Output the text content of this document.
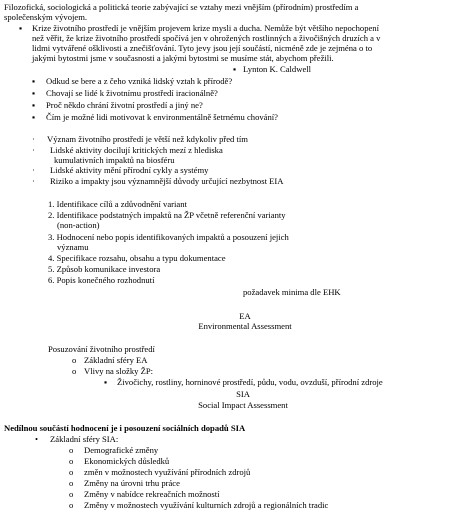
Filozofická, sociologická a politická teorie zabývající se vztahy mezi vnějším (přírodním) prostředím a
společenským vývojem.
▪ Krize životního prostředí je vnějším projevem krize mysli a ducha. Nemůže být většího nepochopení
než věřit, že krize životního prostředí spočívá jen v ohrožených rostlinných a živočišných druzích a v
lidmi vytvářené ošklivosti a znečišťování. Tyto jevy jsou její součástí, nicméně zde je zejména o to
jakými bytostmi jsme v současnosti a jakými bytostmi se musíme stát, abychom přežili.
▪ Lynton K. Caldwell
▪ Odkud se bere a z čeho vzniká lidský vztah k přírodě?
▪ Chovají se lidé k životnímu prostředí iracionálně?
▪ Proč někdo chrání životní prostředí a jiný ne?
▪ Čím je možné lidi motivovat k environmentálně šetrnému chování?
· Význam životního prostředí je větší než kdykoliv před tím
· Lidské aktivity docilují kritických mezí z hlediska
kumulativních impaktů na biosféru
· Lidské aktivity mění přírodní cykly a systémy
· Riziko a impakty jsou významnější důvody určující nezbytnost EIA
1. Identifikace cílů a zdůvodnění variant
2. Identifikace podstatných impaktů na ŽP včetně referenční varianty
(non-action)
3. Hodnocení nebo popis identifikovaných impaktů a posouzení jejich
významu
4. Specifikace rozsahu, obsahu a typu dokumentace
5. Způsob komunikace investora
6. Popis konečného rozhodnutí
požadavek minima dle EHK
EA
Environmental Assessment
Posuzování životního prostředí
o Základní sféry EA
o Vlivy na složky ŽP:
▪ Živočichy, rostliny, horninové prostředí, půdu, vodu, ovzduší, přírodní zdroje
SIA
Social Impact Assessment
Nedílnou součástí hodnocení je i posouzení sociálních dopadů SIA
• Základní sféry SIA:
o Demografické změny
o Ekonomických důsledků
o změn v možnostech využívání přírodních zdrojů
o Změny na úrovni trhu práce
o Změny v nabídce rekreačních možností
o Změny v možnostech využívání kulturních zdrojů a regionálních tradic
